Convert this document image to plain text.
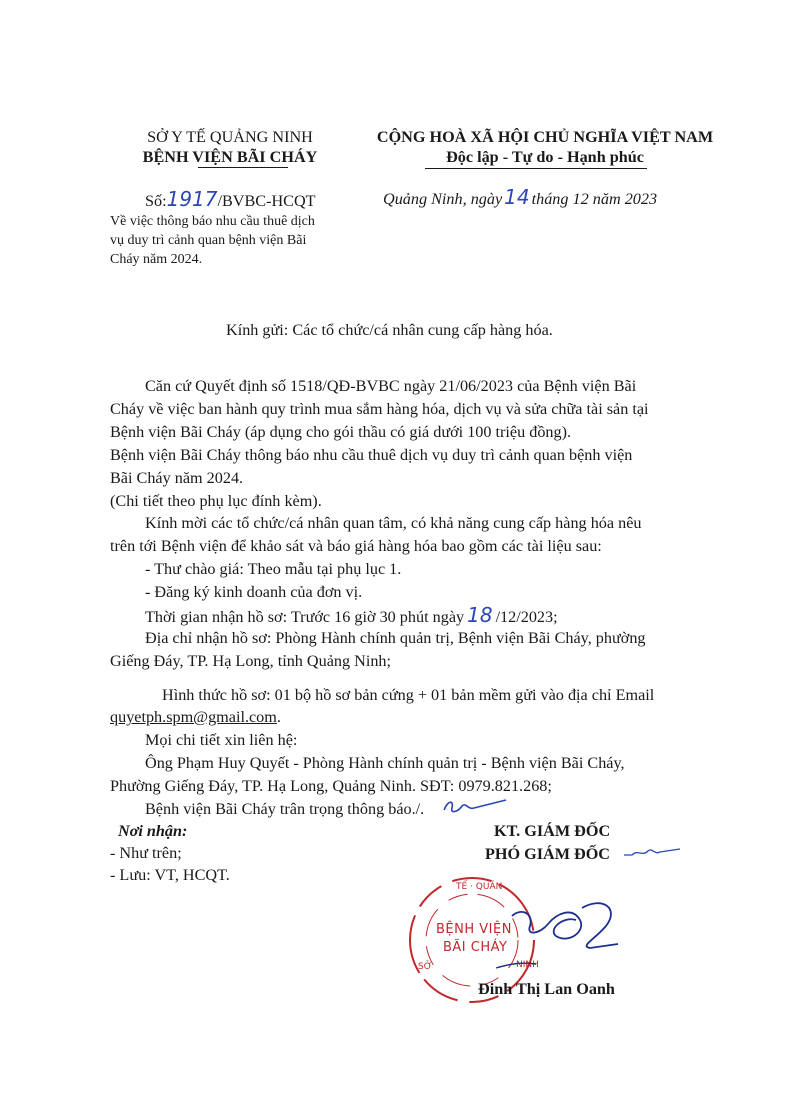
SỞ Y TẾ QUẢNG NINH
BỆNH VIỆN BÃI CHÁY
CỘNG HOÀ XÃ HỘI CHỦ NGHĨA VIỆT NAM
Độc lập - Tự do - Hạnh phúc
Số:1917/BVBC-HCQT
Về việc thông báo nhu cầu thuê dịch
vụ duy trì cảnh quan bệnh viện Bãi
Cháy năm 2024.
Quảng Ninh, ngày 14 tháng 12 năm 2023
Kính gửi: Các tổ chức/cá nhân cung cấp hàng hóa.
Căn cứ Quyết định số 1518/QĐ-BVBC ngày 21/06/2023 của Bệnh viện Bãi
Cháy về việc ban hành quy trình mua sắm hàng hóa, dịch vụ và sửa chữa tài sản tại
Bệnh viện Bãi Cháy (áp dụng cho gói thầu có giá dưới 100 triệu đồng).
Bệnh viện Bãi Cháy thông báo nhu cầu thuê dịch vụ duy trì cảnh quan bệnh viện
Bãi Cháy năm 2024.
(Chi tiết theo phụ lục đính kèm).
Kính mời các tổ chức/cá nhân quan tâm, có khả năng cung cấp hàng hóa nêu
trên tới Bệnh viện để khảo sát và báo giá hàng hóa bao gồm các tài liệu sau:
- Thư chào giá: Theo mẫu tại phụ lục 1.
- Đăng ký kinh doanh của đơn vị.
Thời gian nhận hồ sơ: Trước 16 giờ 30 phút ngày 18 /12/2023;
Địa chỉ nhận hồ sơ: Phòng Hành chính quản trị, Bệnh viện Bãi Cháy, phường
Giếng Đáy, TP. Hạ Long, tỉnh Quảng Ninh;
Hình thức hồ sơ: 01 bộ hồ sơ bản cứng + 01 bản mềm gửi vào địa chỉ Email
quyetph.spm@gmail.com.
Mọi chi tiết xin liên hệ:
Ông Phạm Huy Quyết - Phòng Hành chính quản trị - Bệnh viện Bãi Cháy,
Phường Giếng Đáy, TP. Hạ Long, Quảng Ninh. SĐT: 0979.821.268;
Bệnh viện Bãi Cháy trân trọng thông báo./.
Nơi nhận:
- Như trên;
- Lưu: VT, HCQT.
KT. GIÁM ĐỐC
PHÓ GIÁM ĐỐC
TẾ · QUẢN
NINH
SỞ
BỆNH VIỆN
BÃI CHÁY
Đinh Thị Lan Oanh
